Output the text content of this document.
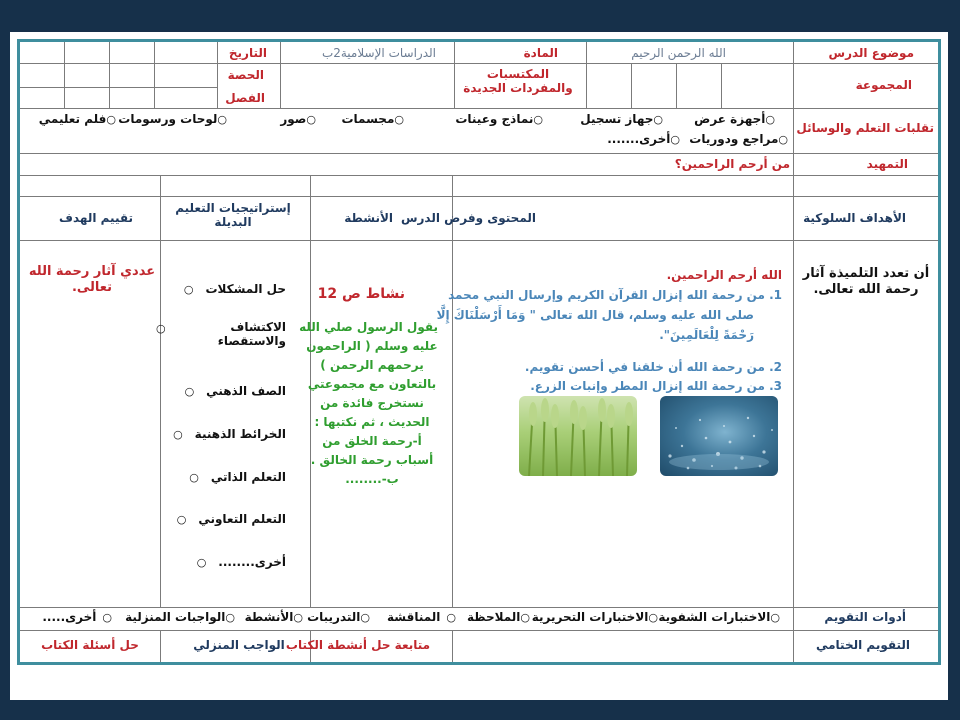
موضوع الدرس
الله الرحمن الرحيم
المادة
الدراسات الإسلامية2ب
التاريخ
الحصة
الفصل
المجموعة
المكتسبات والمفردات الجديدة
تقلبات التعلم والوسائل
○أجهزة عرض
○جهاز تسجيل
○نماذج وعينات
○مجسمات
○صور
○لوحات ورسومات
○فلم تعليمي
○مراجع ودوريات
○أخرى.......
التمهيد
من أرحم الراحمين؟
الأهداف السلوكية
المحتوى وفرض الدرس
الأنشطة
إستراتيجيات التعليم البديلة
تقييم الهدف
أن تعدد التلميذة آثار رحمة الله تعالى.
الله أرحم الراحمين.
1. من رحمة الله إنزال القرآن الكريم وإرسال النبي محمد
صلى الله عليه وسلم، قال الله تعالى " وَمَا أَرْسَلْنَاكَ إِلَّا
رَحْمَةً لِلْعَالَمِينَ".
2. من رحمة الله أن خلقنا في أحسن تقويم.
3. من رحمة الله إنزال المطر وإنبات الزرع.
نشاط ص 12
يقول الرسول صلي الله
عليه وسلم ( الراحمون
يرحمهم الرحمن )
بالتعاون مع مجموعتي
نستخرج فائدة من
الحديث ، ثم نكتبها :
أ-رحمة الخلق من
أسباب رحمة الخالق .
ب-........
حل المشكلات○
○	الاكتشاف والاستقصاء
الصف الذهني○
الخرائط الذهنية○
التعلم الذاتي○
التعلم التعاوني○
أخرى........○
عددي آثار رحمة الله تعالى.
أدوات التقويم
○الاختبارات الشفوية
○الاختبارات التحريرية
○الملاحظة
○المناقشة
○التدريبات
○الأنشطة
○الواجبات المنزلية
○أخرى.....
التقويم الختامي
متابعة حل أنشطة الكتاب
الواجب المنزلي
حل أسئلة الكتاب
